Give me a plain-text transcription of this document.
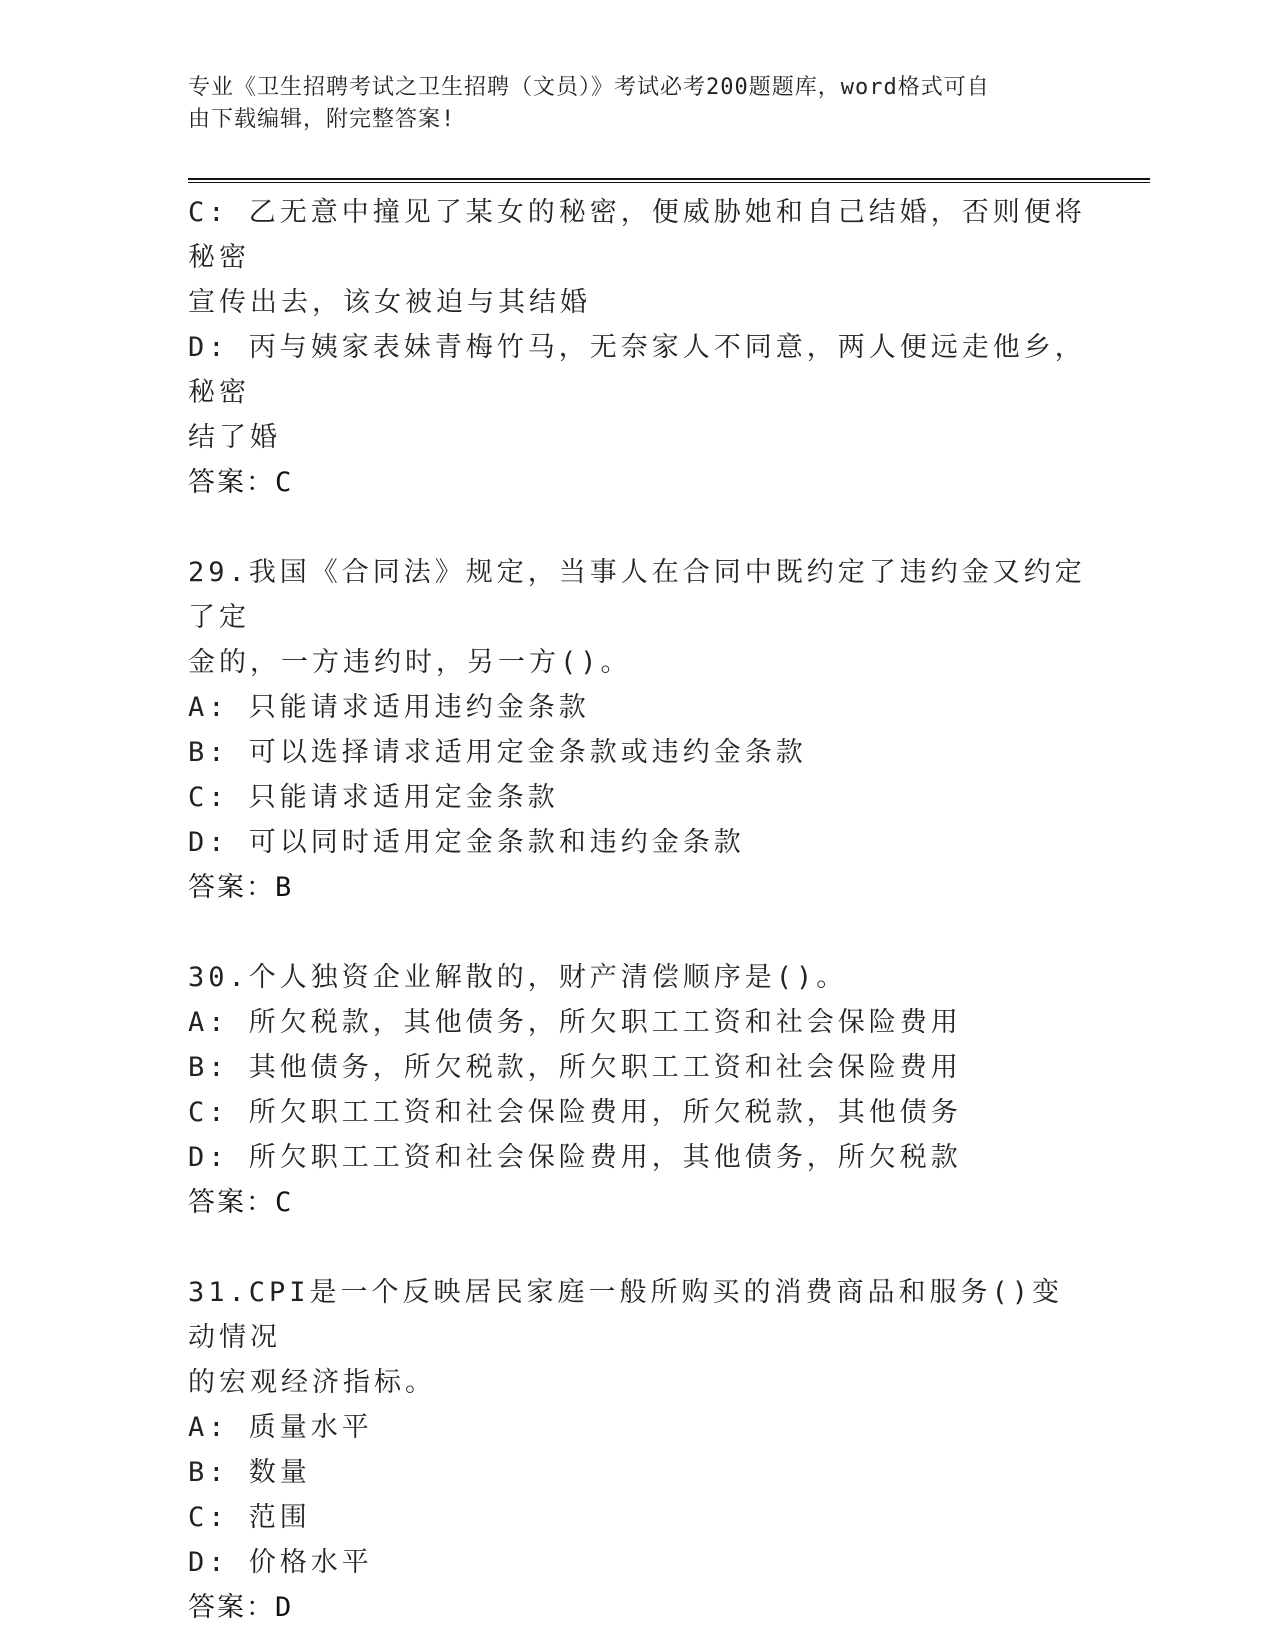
专业《卫生招聘考试之卫生招聘（文员）》考试必考200题题库，word格式可自
由下载编辑，附完整答案!
C: 乙无意中撞见了某女的秘密，便威胁她和自己结婚，否则便将秘密
宣传出去，该女被迫与其结婚
D: 丙与姨家表妹青梅竹马，无奈家人不同意，两人便远走他乡，秘密
结了婚
答案：C
29.我国《合同法》规定，当事人在合同中既约定了违约金又约定了定
金的，一方违约时，另一方()。
A: 只能请求适用违约金条款
B: 可以选择请求适用定金条款或违约金条款
C: 只能请求适用定金条款
D: 可以同时适用定金条款和违约金条款
答案：B
30.个人独资企业解散的，财产清偿顺序是()。
A: 所欠税款，其他债务，所欠职工工资和社会保险费用
B: 其他债务，所欠税款，所欠职工工资和社会保险费用
C: 所欠职工工资和社会保险费用，所欠税款，其他债务
D: 所欠职工工资和社会保险费用，其他债务，所欠税款
答案：C
31.CPI是一个反映居民家庭一般所购买的消费商品和服务()变动情况
的宏观经济指标。
A: 质量水平
B: 数量
C: 范围
D: 价格水平
答案：D
